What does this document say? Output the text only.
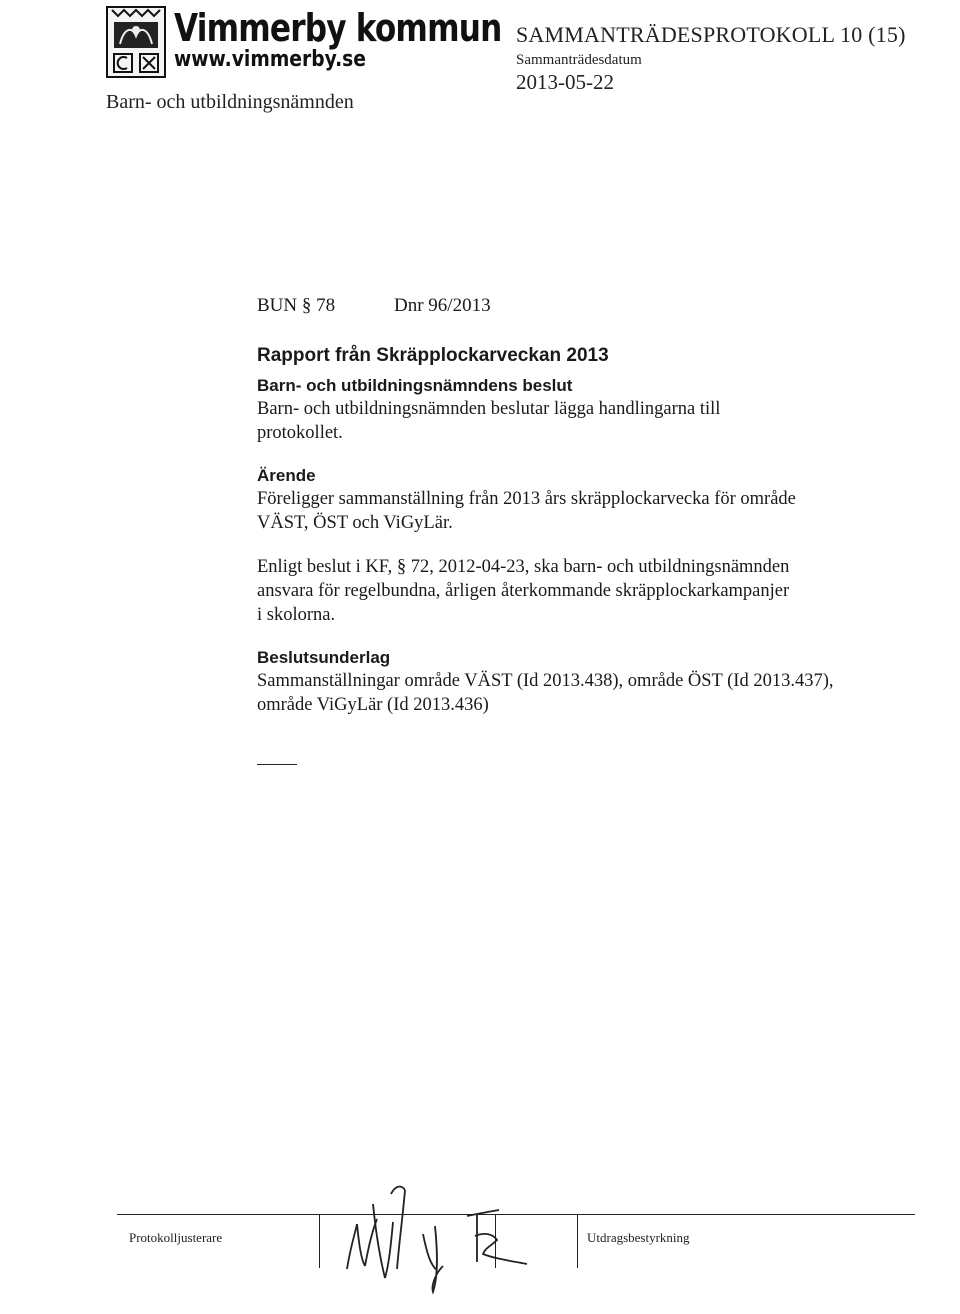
Vimmerby kommun
www.vimmerby.se
Barn- och utbildningsnämnden
SAMMANTRÄDESPROTOKOLL 10 (15)
Sammanträdesdatum
2013-05-22
BUN § 78	Dnr 96/2013
Rapport från Skräpplockarveckan 2013
Barn- och utbildningsnämndens beslut

Barn- och utbildningsnämnden beslutar lägga handlingarna till

protokollet.

Ärende

Föreligger sammanställning från 2013 års skräpplockarvecka för område

VÄST, ÖST och ViGyLär.

Enligt beslut i KF, § 72, 2012-04-23, ska barn- och utbildningsnämnden

ansvara för regelbundna, årligen återkommande skräpplockarkampanjer

i skolorna.

Beslutsunderlag

Sammanställningar område VÄST (Id 2013.438), område ÖST (Id 2013.437),

område ViGyLär (Id 2013.436)

Protokolljusterare	Utdragsbestyrkning
